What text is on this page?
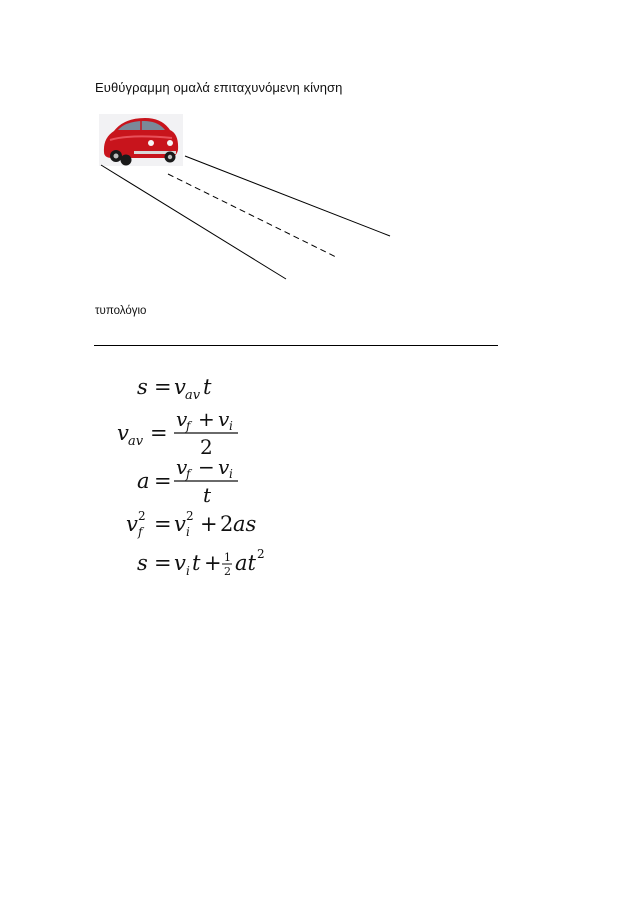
Ευθύγραμμη ομαλά επιταχυνόμενη κίνηση
τυπολόγιο
s = v av t
v av =
v
f + v i
2
a =
v
f − v i
t
v 2
f = v 2
i + 2 as
s = v i t + 1
2 at 2
